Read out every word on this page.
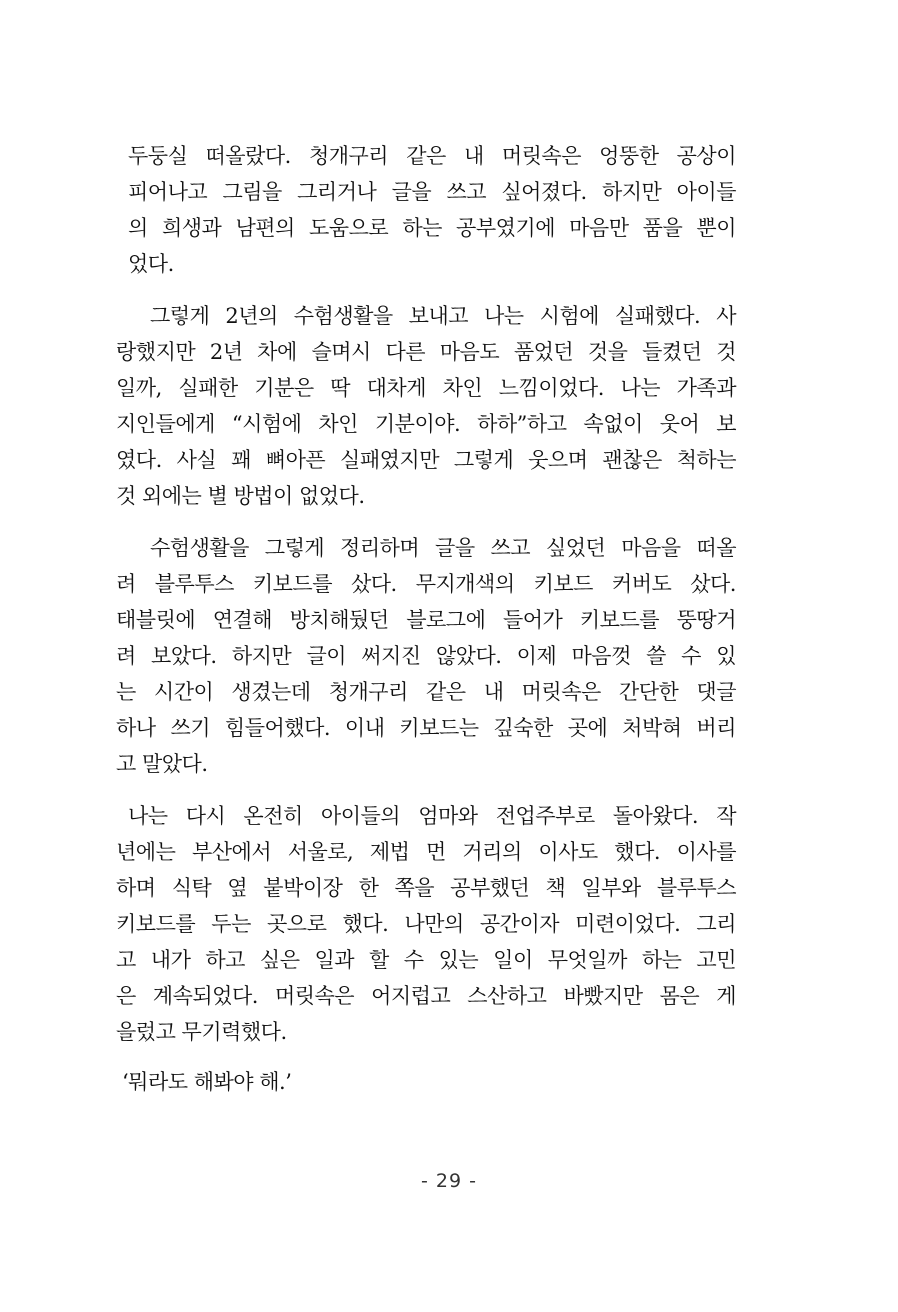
두둥실 떠올랐다. 청개구리 같은 내 머릿속은 엉뚱한 공상이
피어나고 그림을 그리거나 글을 쓰고 싶어졌다. 하지만 아이들
의 희생과 남편의 도움으로 하는 공부였기에 마음만 품을 뿐이
었다.
그렇게 2년의 수험생활을 보내고 나는 시험에 실패했다. 사
랑했지만 2년 차에 슬며시 다른 마음도 품었던 것을 들켰던 것
일까, 실패한 기분은 딱 대차게 차인 느낌이었다. 나는 가족과
지인들에게 “시험에 차인 기분이야. 하하”하고 속없이 웃어 보
였다. 사실 꽤 뼈아픈 실패였지만 그렇게 웃으며 괜찮은 척하는
것 외에는 별 방법이 없었다.
수험생활을 그렇게 정리하며 글을 쓰고 싶었던 마음을 떠올
려 블루투스 키보드를 샀다. 무지개색의 키보드 커버도 샀다.
태블릿에 연결해 방치해뒀던 블로그에 들어가 키보드를 뚱땅거
려 보았다. 하지만 글이 써지진 않았다. 이제 마음껏 쓸 수 있
는 시간이 생겼는데 청개구리 같은 내 머릿속은 간단한 댓글
하나 쓰기 힘들어했다. 이내 키보드는 깊숙한 곳에 처박혀 버리
고 말았다.
나는 다시 온전히 아이들의 엄마와 전업주부로 돌아왔다. 작
년에는 부산에서 서울로, 제법 먼 거리의 이사도 했다. 이사를
하며 식탁 옆 붙박이장 한 쪽을 공부했던 책 일부와 블루투스
키보드를 두는 곳으로 했다. 나만의 공간이자 미련이었다. 그리
고 내가 하고 싶은 일과 할 수 있는 일이 무엇일까 하는 고민
은 계속되었다. 머릿속은 어지럽고 스산하고 바빴지만 몸은 게
을렀고 무기력했다.
‘뭐라도 해봐야 해.’
- 29 -
